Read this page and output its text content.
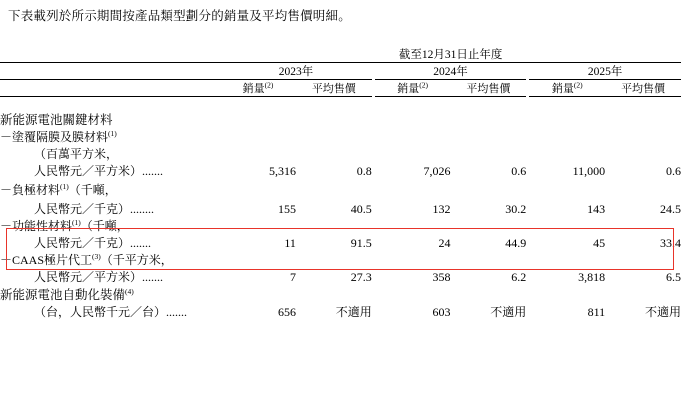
下表載列於所示期間按產品類型劃分的銷量及平均售價明細。
	截至12月31日止年度							

	2023年			2024年			2025年	

	銷量$^{(2)}$	平均售價		銷量$^{(2)}$	平均售價		銷量$^{(2)}$	平均售價

新能源電池關鍵材料								
－塗覆隔膜及膜材料$^{(1)}$	
（百萬平方米，								
人民幣元／平方米）.......	5,316	0.8		7,026	0.6		11,000	0.6
－負極材料$^{(1)}$（千噸，								
人民幣元／千克）........	155	40.5		132	30.2		143	24.5
－功能性材料$^{(1)}$（千噸，								
人民幣元／千克）.......	11	91.5		24	44.9		45	33.4
－CAAS極片代工$^{(3)}$（千平方米，								
人民幣元／平方米）.......	7	27.3		358	6.2		3,818	6.5
新能源電池自動化裝備$^{(4)}$	
（台，人民幣千元／台）.......	656	不適用		603	不適用		811	不適用
